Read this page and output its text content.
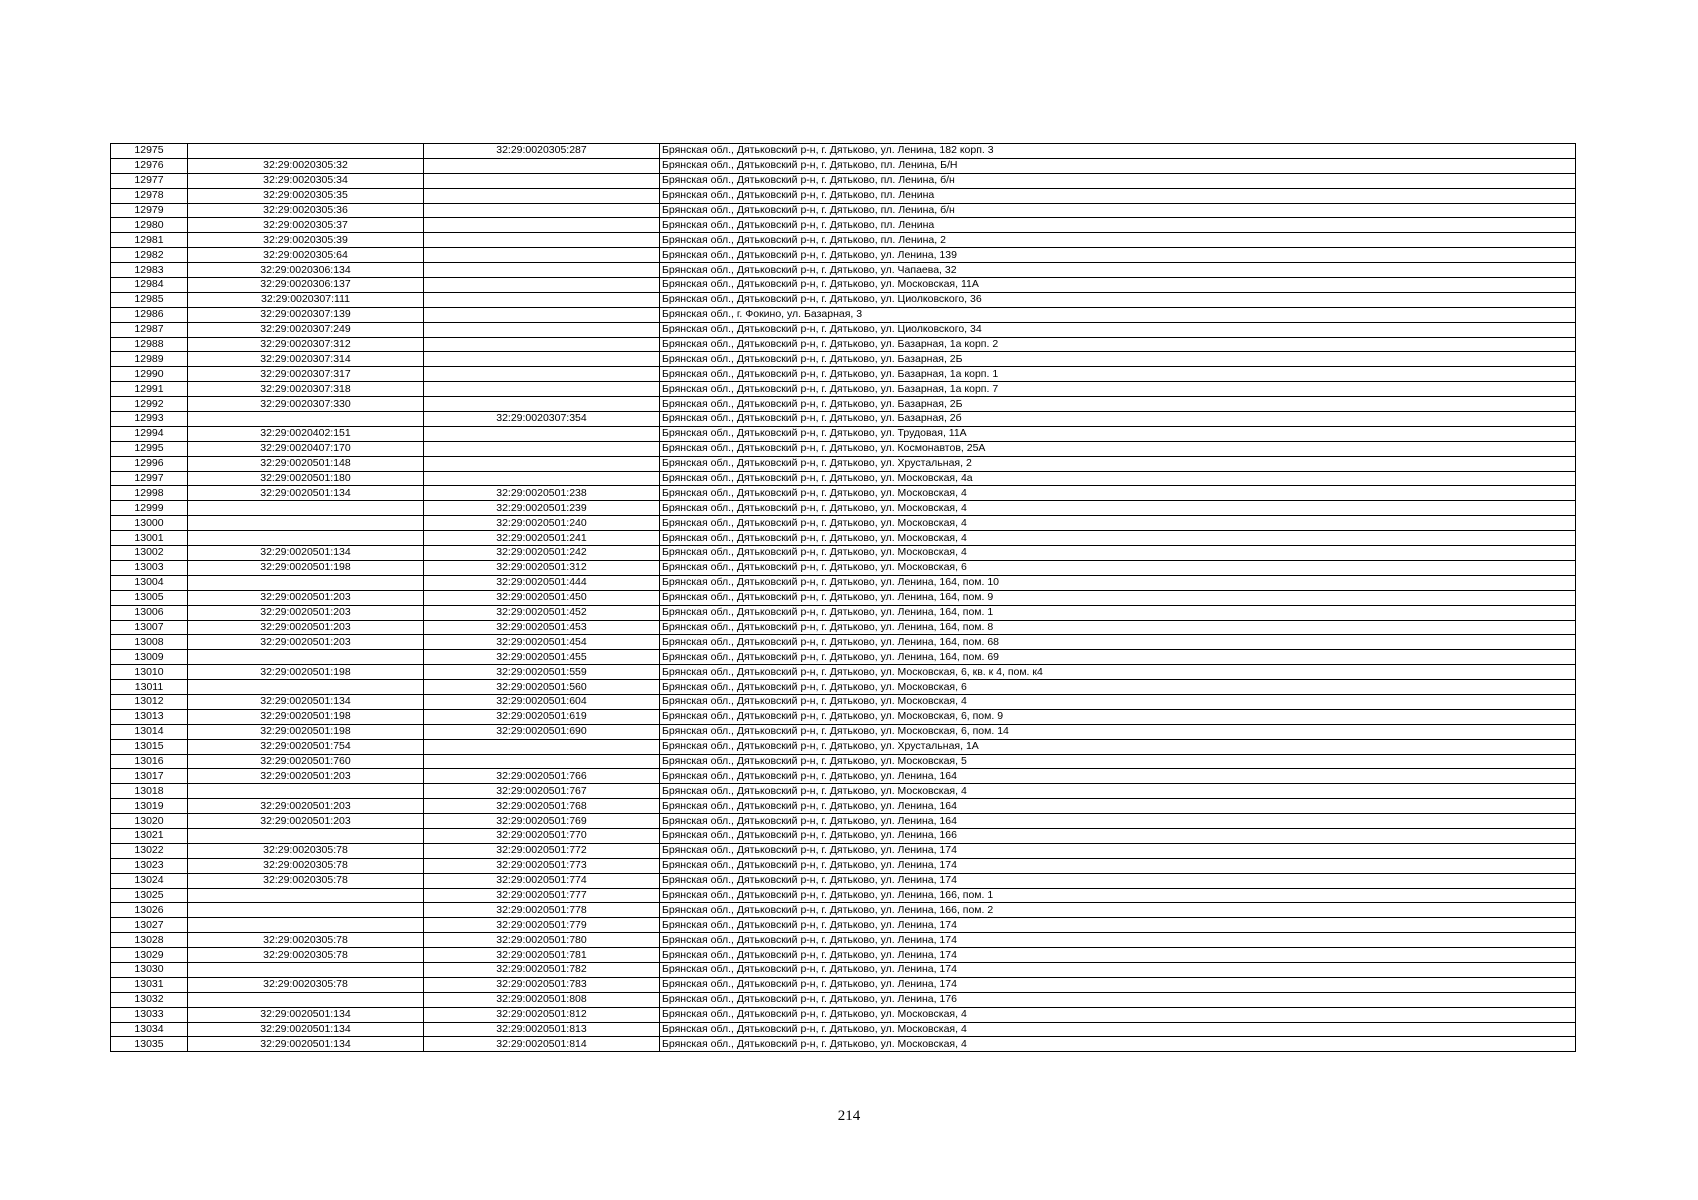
12975		32:29:0020305:287	Брянская обл., Дятьковский р-н, г. Дятьково, ул. Ленина, 182 корп. 3
12976	32:29:0020305:32		Брянская обл., Дятьковский р-н, г. Дятьково, пл. Ленина, Б/Н
12977	32:29:0020305:34		Брянская обл., Дятьковский р-н, г. Дятьково, пл. Ленина, б/н
12978	32:29:0020305:35		Брянская обл., Дятьковский р-н, г. Дятьково, пл. Ленина
12979	32:29:0020305:36		Брянская обл., Дятьковский р-н, г. Дятьково, пл. Ленина, б/н
12980	32:29:0020305:37		Брянская обл., Дятьковский р-н, г. Дятьково, пл. Ленина
12981	32:29:0020305:39		Брянская обл., Дятьковский р-н, г. Дятьково, пл. Ленина, 2
12982	32:29:0020305:64		Брянская обл., Дятьковский р-н, г. Дятьково, ул. Ленина, 139
12983	32:29:0020306:134		Брянская обл., Дятьковский р-н, г. Дятьково, ул. Чапаева, 32
12984	32:29:0020306:137		Брянская обл., Дятьковский р-н, г. Дятьково, ул. Московская, 11А
12985	32:29:0020307:111		Брянская обл., Дятьковский р-н, г. Дятьково, ул. Циолковского, 36
12986	32:29:0020307:139		Брянская обл., г. Фокино, ул. Базарная, 3
12987	32:29:0020307:249		Брянская обл., Дятьковский р-н, г. Дятьково, ул. Циолковского, 34
12988	32:29:0020307:312		Брянская обл., Дятьковский р-н, г. Дятьково, ул. Базарная, 1а корп. 2
12989	32:29:0020307:314		Брянская обл., Дятьковский р-н, г. Дятьково, ул. Базарная, 2Б
12990	32:29:0020307:317		Брянская обл., Дятьковский р-н, г. Дятьково, ул. Базарная, 1а корп. 1
12991	32:29:0020307:318		Брянская обл., Дятьковский р-н, г. Дятьково, ул. Базарная, 1а корп. 7
12992	32:29:0020307:330		Брянская обл., Дятьковский р-н, г. Дятьково, ул. Базарная, 2Б
12993		32:29:0020307:354	Брянская обл., Дятьковский р-н, г. Дятьково, ул. Базарная, 2б
12994	32:29:0020402:151		Брянская обл., Дятьковский р-н, г. Дятьково, ул. Трудовая, 11А
12995	32:29:0020407:170		Брянская обл., Дятьковский р-н, г. Дятьково, ул. Космонавтов, 25А
12996	32:29:0020501:148		Брянская обл., Дятьковский р-н, г. Дятьково, ул. Хрустальная, 2
12997	32:29:0020501:180		Брянская обл., Дятьковский р-н, г. Дятьково, ул. Московская, 4а
12998	32:29:0020501:134	32:29:0020501:238	Брянская обл., Дятьковский р-н, г. Дятьково, ул. Московская, 4
12999		32:29:0020501:239	Брянская обл., Дятьковский р-н, г. Дятьково, ул. Московская, 4
13000		32:29:0020501:240	Брянская обл., Дятьковский р-н, г. Дятьково, ул. Московская, 4
13001		32:29:0020501:241	Брянская обл., Дятьковский р-н, г. Дятьково, ул. Московская, 4
13002	32:29:0020501:134	32:29:0020501:242	Брянская обл., Дятьковский р-н, г. Дятьково, ул. Московская, 4
13003	32:29:0020501:198	32:29:0020501:312	Брянская обл., Дятьковский р-н, г. Дятьково, ул. Московская, 6
13004		32:29:0020501:444	Брянская обл., Дятьковский р-н, г. Дятьково, ул. Ленина, 164, пом. 10
13005	32:29:0020501:203	32:29:0020501:450	Брянская обл., Дятьковский р-н, г. Дятьково, ул. Ленина, 164, пом. 9
13006	32:29:0020501:203	32:29:0020501:452	Брянская обл., Дятьковский р-н, г. Дятьково, ул. Ленина, 164, пом. 1
13007	32:29:0020501:203	32:29:0020501:453	Брянская обл., Дятьковский р-н, г. Дятьково, ул. Ленина, 164, пом. 8
13008	32:29:0020501:203	32:29:0020501:454	Брянская обл., Дятьковский р-н, г. Дятьково, ул. Ленина, 164, пом. 68
13009		32:29:0020501:455	Брянская обл., Дятьковский р-н, г. Дятьково, ул. Ленина, 164, пом. 69
13010	32:29:0020501:198	32:29:0020501:559	Брянская обл., Дятьковский р-н, г. Дятьково, ул. Московская, 6, кв. к 4, пом. к4
13011		32:29:0020501:560	Брянская обл., Дятьковский р-н, г. Дятьково, ул. Московская, 6
13012	32:29:0020501:134	32:29:0020501:604	Брянская обл., Дятьковский р-н, г. Дятьково, ул. Московская, 4
13013	32:29:0020501:198	32:29:0020501:619	Брянская обл., Дятьковский р-н, г. Дятьково, ул. Московская, 6, пом. 9
13014	32:29:0020501:198	32:29:0020501:690	Брянская обл., Дятьковский р-н, г. Дятьково, ул. Московская, 6, пом. 14
13015	32:29:0020501:754		Брянская обл., Дятьковский р-н, г. Дятьково, ул. Хрустальная, 1А
13016	32:29:0020501:760		Брянская обл., Дятьковский р-н, г. Дятьково, ул. Московская, 5
13017	32:29:0020501:203	32:29:0020501:766	Брянская обл., Дятьковский р-н, г. Дятьково, ул. Ленина, 164
13018		32:29:0020501:767	Брянская обл., Дятьковский р-н, г. Дятьково, ул. Московская, 4
13019	32:29:0020501:203	32:29:0020501:768	Брянская обл., Дятьковский р-н, г. Дятьково, ул. Ленина, 164
13020	32:29:0020501:203	32:29:0020501:769	Брянская обл., Дятьковский р-н, г. Дятьково, ул. Ленина, 164
13021		32:29:0020501:770	Брянская обл., Дятьковский р-н, г. Дятьково, ул. Ленина, 166
13022	32:29:0020305:78	32:29:0020501:772	Брянская обл., Дятьковский р-н, г. Дятьково, ул. Ленина, 174
13023	32:29:0020305:78	32:29:0020501:773	Брянская обл., Дятьковский р-н, г. Дятьково, ул. Ленина, 174
13024	32:29:0020305:78	32:29:0020501:774	Брянская обл., Дятьковский р-н, г. Дятьково, ул. Ленина, 174
13025		32:29:0020501:777	Брянская обл., Дятьковский р-н, г. Дятьково, ул. Ленина, 166, пом. 1
13026		32:29:0020501:778	Брянская обл., Дятьковский р-н, г. Дятьково, ул. Ленина, 166, пом. 2
13027		32:29:0020501:779	Брянская обл., Дятьковский р-н, г. Дятьково, ул. Ленина, 174
13028	32:29:0020305:78	32:29:0020501:780	Брянская обл., Дятьковский р-н, г. Дятьково, ул. Ленина, 174
13029	32:29:0020305:78	32:29:0020501:781	Брянская обл., Дятьковский р-н, г. Дятьково, ул. Ленина, 174
13030		32:29:0020501:782	Брянская обл., Дятьковский р-н, г. Дятьково, ул. Ленина, 174
13031	32:29:0020305:78	32:29:0020501:783	Брянская обл., Дятьковский р-н, г. Дятьково, ул. Ленина, 174
13032		32:29:0020501:808	Брянская обл., Дятьковский р-н, г. Дятьково, ул. Ленина, 176
13033	32:29:0020501:134	32:29:0020501:812	Брянская обл., Дятьковский р-н, г. Дятьково, ул. Московская, 4
13034	32:29:0020501:134	32:29:0020501:813	Брянская обл., Дятьковский р-н, г. Дятьково, ул. Московская, 4
13035	32:29:0020501:134	32:29:0020501:814	Брянская обл., Дятьковский р-н, г. Дятьково, ул. Московская, 4
214
